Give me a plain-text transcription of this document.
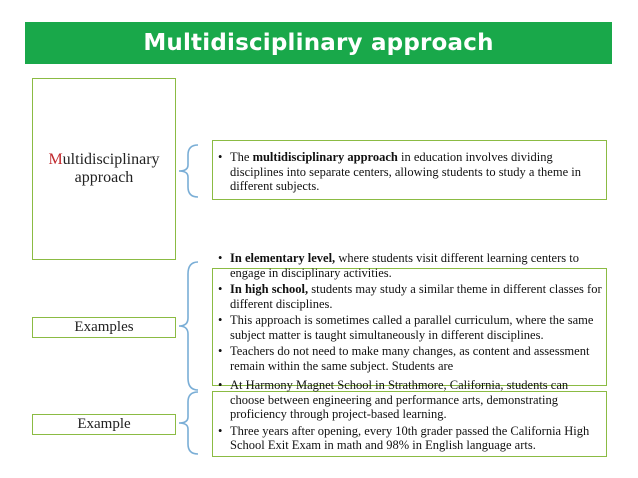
Multidisciplinary approach
Multidisciplinary approach
Examples
Example
• The multidisciplinary approach in education involves dividing disciplines into separate centers, allowing students to study a theme in different subjects.
• In elementary level, where students visit different learning centers to engage in disciplinary activities.
• In high school, students may study a similar theme in different classes for different disciplines.
• This approach is sometimes called a parallel curriculum, where the same subject matter is taught simultaneously in different disciplines.
• Teachers do not need to make many changes, as content and assessment remain within the same subject. Students are
• At Harmony Magnet School in Strathmore, California, students can choose between engineering and performance arts, demonstrating proficiency through project-based learning.
• Three years after opening, every 10th grader passed the California High School Exit Exam in math and 98% in English language arts.
